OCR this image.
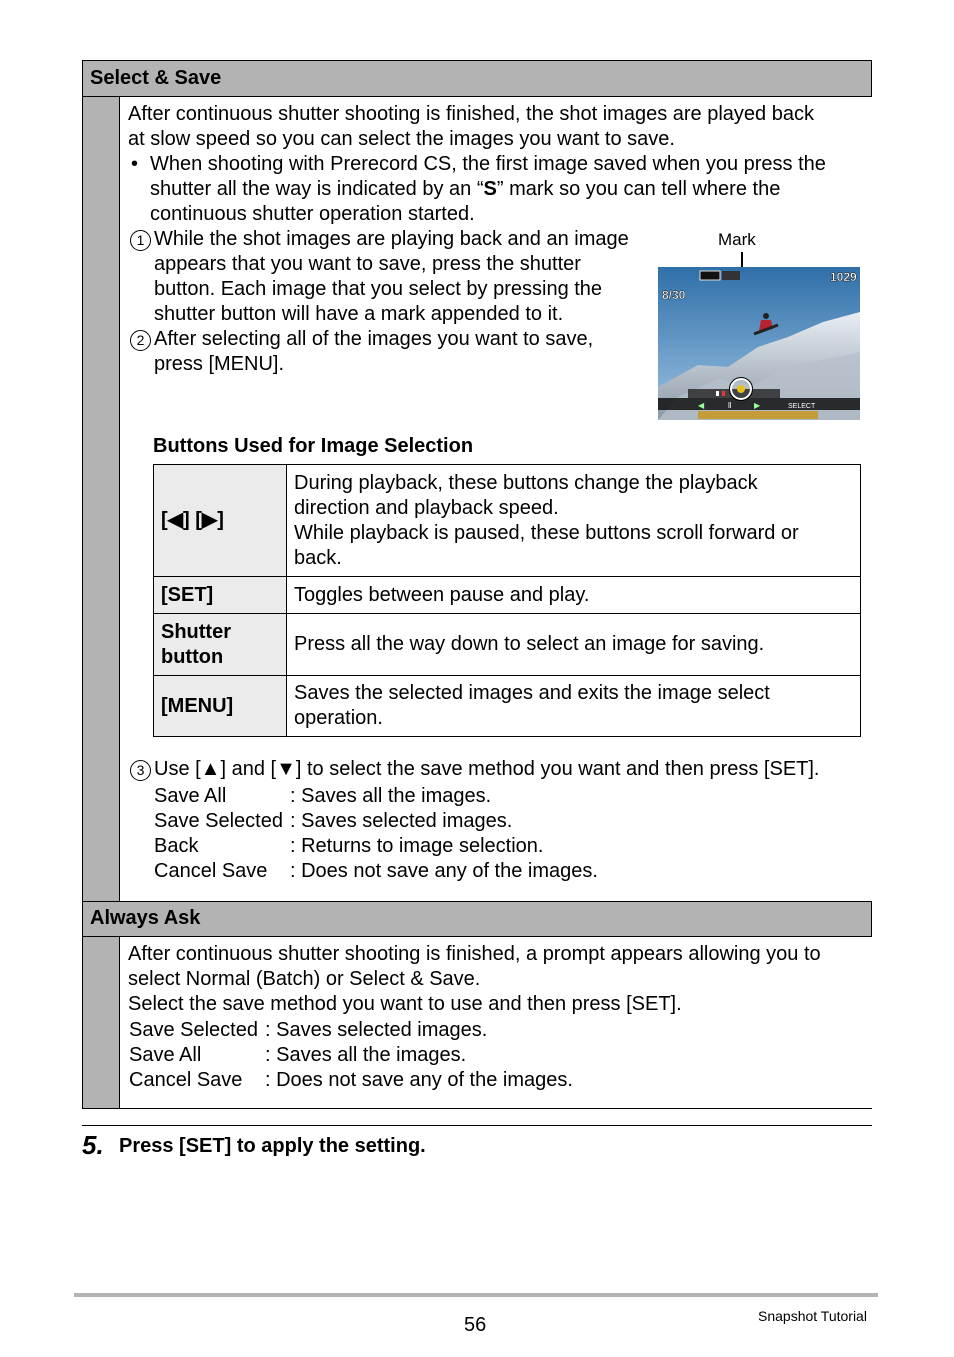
Select & Save
After continuous shutter shooting is finished, the shot images are played back
at slow speed so you can select the images you want to save.
• When shooting with Prerecord CS, the first image saved when you press the
shutter all the way is indicated by an “S” mark so you can tell where the
continuous shutter operation started.
1 While the shot images are playing back and an image
appears that you want to save, press the shutter
button. Each image that you select by pressing the
shutter button will have a mark appended to it.
2 After selecting all of the images you want to save,
press [MENU].
Buttons Used for Image Selection
[◀] [▶]	During playback, these buttons change the playback
direction and playback speed.
While playback is paused, these buttons scroll forward or
back.

[SET]	Toggles between pause and play.

Shutter
button	Press all the way down to select an image for saving.
[MENU]	Saves the selected images and exits the image select
operation.
3 Use [▲] and [▼] to select the save method you want and then press [SET].
Save All	: Saves all the images.
Save Selected : Saves selected images.
Back	: Returns to image selection.
Cancel Save : Does not save any of the images.
Always Ask
After continuous shutter shooting is finished, a prompt appears allowing you to
select Normal (Batch) or Select & Save.
Select the save method you want to use and then press [SET].
Save Selected : Saves selected images.
Save All	: Saves all the images.
Cancel Save : Does not save any of the images.
Mark
1029
8/30
◀	ll	▶	SELECT
5. Press [SET] to apply the setting.
56	Snapshot Tutorial
